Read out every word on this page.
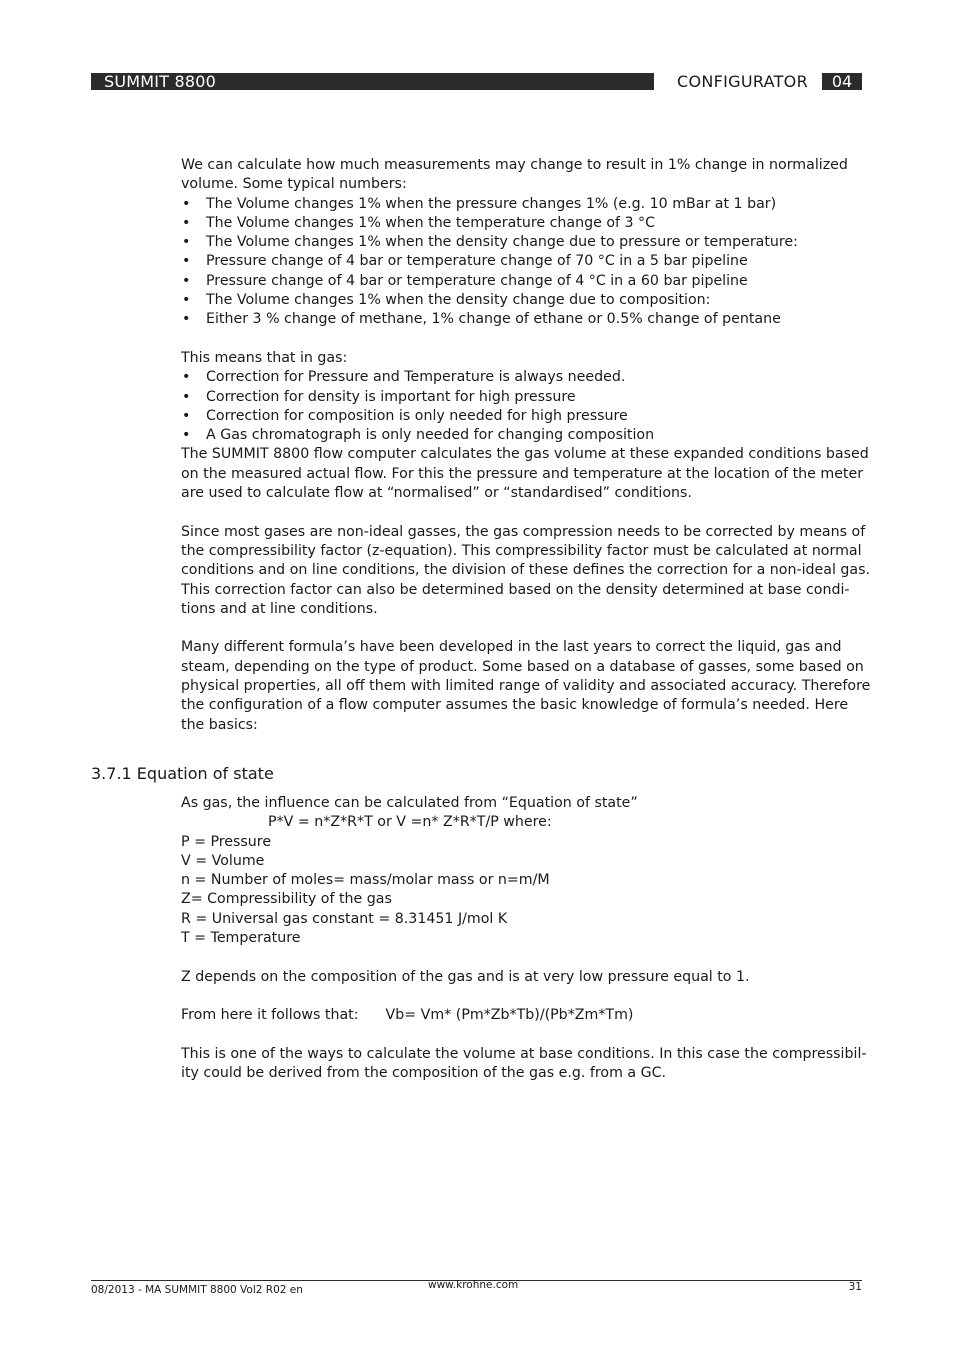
SUMMIT 8800	CONFIGURATOR	04

We can calculate how much measurements may change to result in 1% change in normalized

volume. Some typical numbers:

• The Volume changes 1% when the pressure changes 1% (e.g. 10 mBar at 1 bar)
• The Volume changes 1% when the temperature change of 3 °C
• The Volume changes 1% when the density change due to pressure or temperature:
• Pressure change of 4 bar or temperature change of 70 °C in a 5 bar pipeline
• Pressure change of 4 bar or temperature change of 4 °C in a 60 bar pipeline
• The Volume changes 1% when the density change due to composition:
• Either 3 % change of methane, 1% change of ethane or 0.5% change of pentane

This means that in gas:

• Correction for Pressure and Temperature is always needed.
• Correction for density is important for high pressure
• Correction for composition is only needed for high pressure
• A Gas chromatograph is only needed for changing composition

The SUMMIT 8800 flow computer calculates the gas volume at these expanded conditions based

on the measured actual flow. For this the pressure and temperature at the location of the meter

are used to calculate flow at “normalised” or “standardised” conditions.

Since most gases are non-ideal gasses, the gas compression needs to be corrected by means of

the compressibility factor (z-equation). This compressibility factor must be calculated at normal

conditions and on line conditions, the division of these defines the correction for a non-ideal gas.

This correction factor can also be determined based on the density determined at base condi-

tions and at line conditions.

Many different formula’s have been developed in the last years to correct the liquid, gas and

steam, depending on the type of product. Some based on a database of gasses, some based on

physical properties, all off them with limited range of validity and associated accuracy. Therefore

the configuration of a flow computer assumes the basic knowledge of formula’s needed. Here

the basics:

3.7.1 Equation of state

As gas, the influence can be calculated from “Equation of state”

P*V = n*Z*R*T or V =n* Z*R*T/P where:

P = Pressure

V = Volume

n = Number of moles= mass/molar mass or n=m/M

Z= Compressibility of the gas

R = Universal gas constant = 8.31451 J/mol K

T = Temperature

Z depends on the composition of the gas and is at very low pressure equal to 1.

From here it follows that:      Vb= Vm* (Pm*Zb*Tb)/(Pb*Zm*Tm)

This is one of the ways to calculate the volume at base conditions. In this case the compressibil-

ity could be derived from the composition of the gas e.g. from a GC.

08/2013 - MA SUMMIT 8800 Vol2 R02 en	www.krohne.com	31
